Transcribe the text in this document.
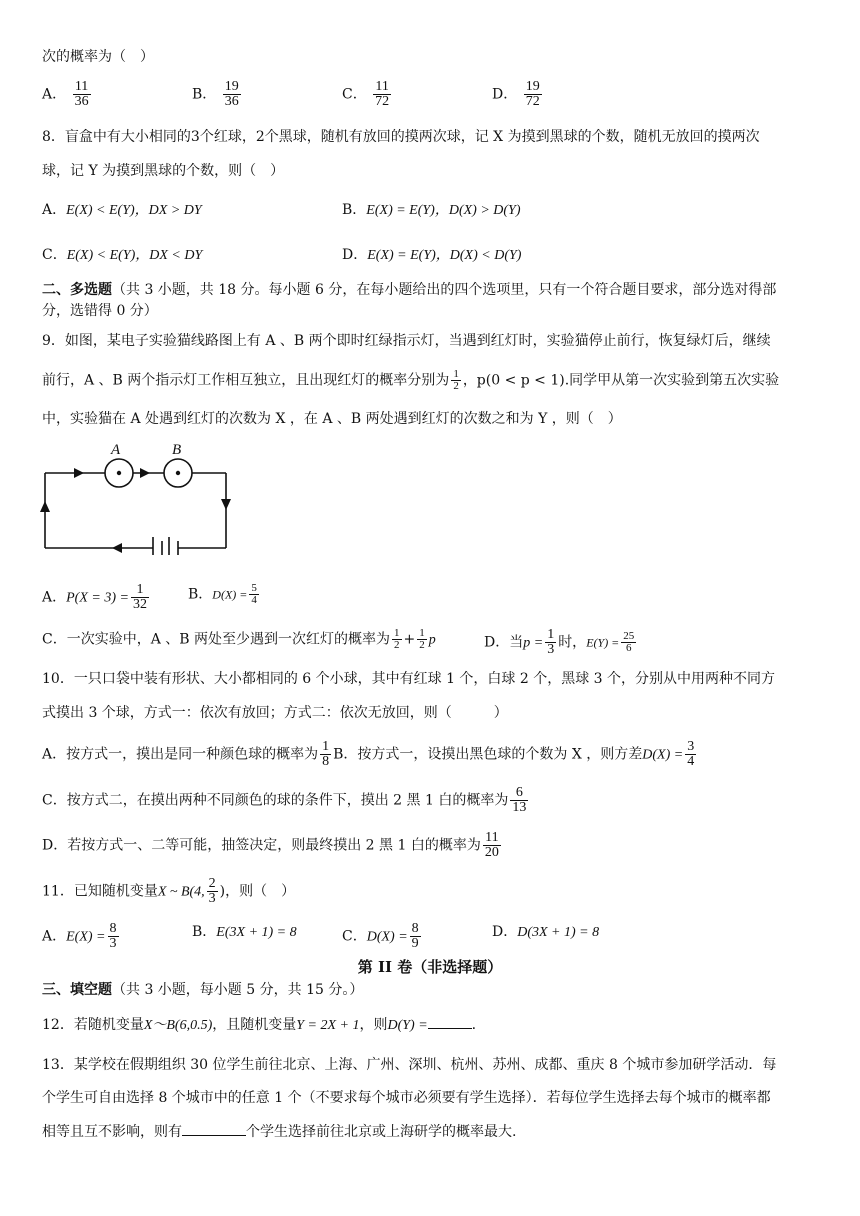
次的概率为（　）
A． $\frac{11}{36}$	B． $\frac{19}{36}$	C． $\frac{11}{72}$	D． $\frac{19}{72}$
8．盲盒中有大小相同的3个红球，2个黑球，随机有放回的摸两次球，记 X 为摸到黑球的个数，随机无放回的摸两次
球，记 Y 为摸到黑球的个数，则（　）
A．E(X) < E(Y)，DX > DY	B．E(X) = E(Y)，D(X) > D(Y)
C．E(X) < E(Y)，DX < DY	D．E(X) = E(Y)，D(X) < D(Y)
二、多选题（共 3 小题，共 18 分。每小题 6 分，在每小题给出的四个选项里，只有一个符合题目要求，部分选对得部
分，选错得 0 分）
9．如图，某电子实验猫线路图上有 A 、B 两个即时红绿指示灯，当遇到红灯时，实验猫停止前行，恢复绿灯后，继续
前行，A 、B 两个指示灯工作相互独立，且出现红灯的概率分别为 $\frac{1}{2}$ ，p(0 < p < 1).同学甲从第一次实验到第五次实验
中，实验猫在 A 处遇到红灯的次数为 X ，在 A 、B 两处遇到红灯的次数之和为 Y ，则（　）
A	B
A．$P(X = 3) = \frac{1}{32}$	B．$D(X) = \frac{5}{4}$
C．一次实验中，A 、B 两处至少遇到一次红灯的概率为 $\frac{1}{2} + \frac{1}{2}$ p	D．当$p = \frac{1}{3}$ 时，$E(Y) = \frac{25}{6}$
10．一只口袋中装有形状、大小都相同的 6 个小球，其中有红球 1 个，白球 2 个，黑球 3 个，分别从中用两种不同方
式摸出 3 个球，方式一：依次有放回；方式二：依次无放回，则（　　　）
A．按方式一，摸出是同一种颜色球的概率为 $\frac{1}{8}$ B．按方式一，设摸出黑色球的个数为 X ，则方差$D(X) = \frac{3}{4}$
C．按方式二，在摸出两种不同颜色的球的条件下，摸出 2 黑 1 白的概率为 $\frac{6}{13}$
D．若按方式一、二等可能，抽签决定，则最终摸出 2 黑 1 白的概率为 $\frac{11}{20}$
11．已知随机变量X ~ B(4, $\frac{2}{3}$ )，则（　）
A．$E(X) = \frac{8}{3}$	B．E(3X + 1) = 8	C．$D(X) = \frac{8}{9}$	D．D(3X + 1) = 8
第 II 卷（非选择题）
三、填空题（共 3 小题，每小题 5 分，共 15 分。）
12．若随机变量X～B(6,0.5)，且随机变量Y = 2X + 1，则D(Y) =	.
13．某学校在假期组织 30 位学生前往北京、上海、广州、深圳、杭州、苏州、成都、重庆 8 个城市参加研学活动．每
个学生可自由选择 8 个城市中的任意 1 个（不要求每个城市必须要有学生选择）．若每位学生选择去每个城市的概率都
相等且互不影响，则有	个学生选择前往北京或上海研学的概率最大.
